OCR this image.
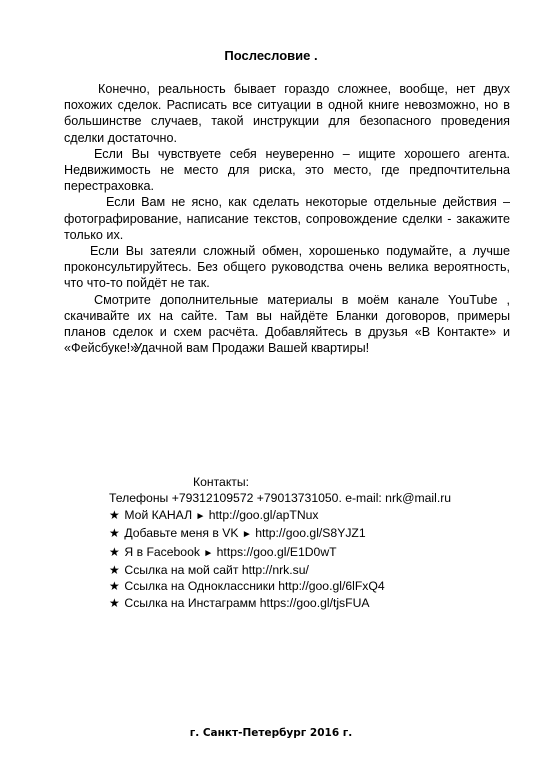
Послесловие .

Конечно, реальность бывает гораздо сложнее, вообще, нет двух похожих сделок. Расписать все ситуации в одной книге невозможно, но в большинстве случаев, такой инструкции для безопасного проведения сделки достаточно.

Если Вы чувствуете себя неуверенно – ищите хорошего агента. Недвижимость не место для риска, это место, где предпочтительна перестраховка.

Если Вам не ясно, как сделать некоторые отдельные действия – фотографирование, написание текстов, сопровождение сделки - закажите только их.

Если Вы затеяли сложный обмен, хорошенько подумайте, а лучше проконсультируйтесь. Без общего руководства очень велика вероятность, что что-то пойдёт не так.

Смотрите дополнительные материалы в моём канале YouTube , скачивайте их на сайте. Там вы найдёте Бланки договоров, примеры планов сделок и схем расчёта. Добавляйтесь в друзья «В Контакте» и «Фейсбуке!»

Удачной вам Продажи Вашей квартиры!
Контакты:
Телефоны +79312109572 +79013731050. e-mail: nrk@mail.ru
★ Мой КАНАЛ ► http://goo.gl/apTNux
★ Добавьте меня в VK ► http://goo.gl/S8YJZ1
★ Я в Facebook ► https://goo.gl/E1D0wT
★ Ссылка на мой сайт http://nrk.su/
★ Ссылка на Одноклассники http://goo.gl/6lFxQ4
★ Ссылка на Инстаграмм https://goo.gl/tjsFUA
г. Санкт-Петербург 2016 г.
